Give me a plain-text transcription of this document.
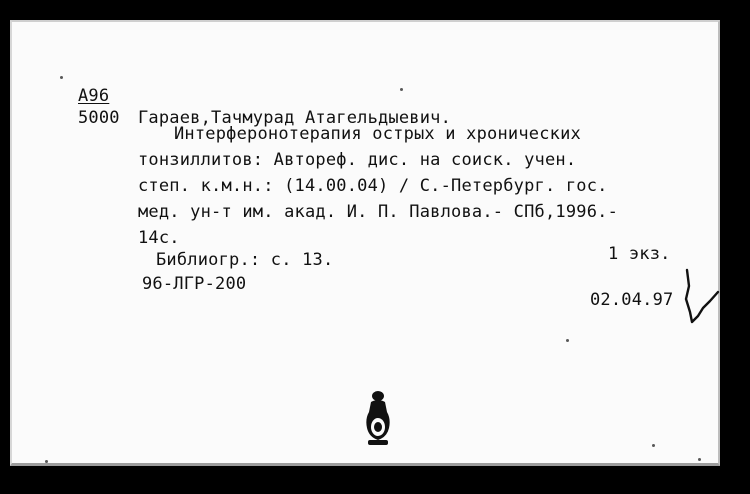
А96
5000 Гараев,Тачмурад Атагельдыевич.
Интерферонотерапия острых и хронических
тонзиллитов: Автореф. дис. на соиск. учен.
степ. к.м.н.: (14.00.04) / С.-Петербург. гос.
мед. ун-т им. акад. И. П. Павлова.- СПб,1996.-
14с.
Библиогр.: с. 13.	1 экз.
96-ЛГР-200
02.04.97
